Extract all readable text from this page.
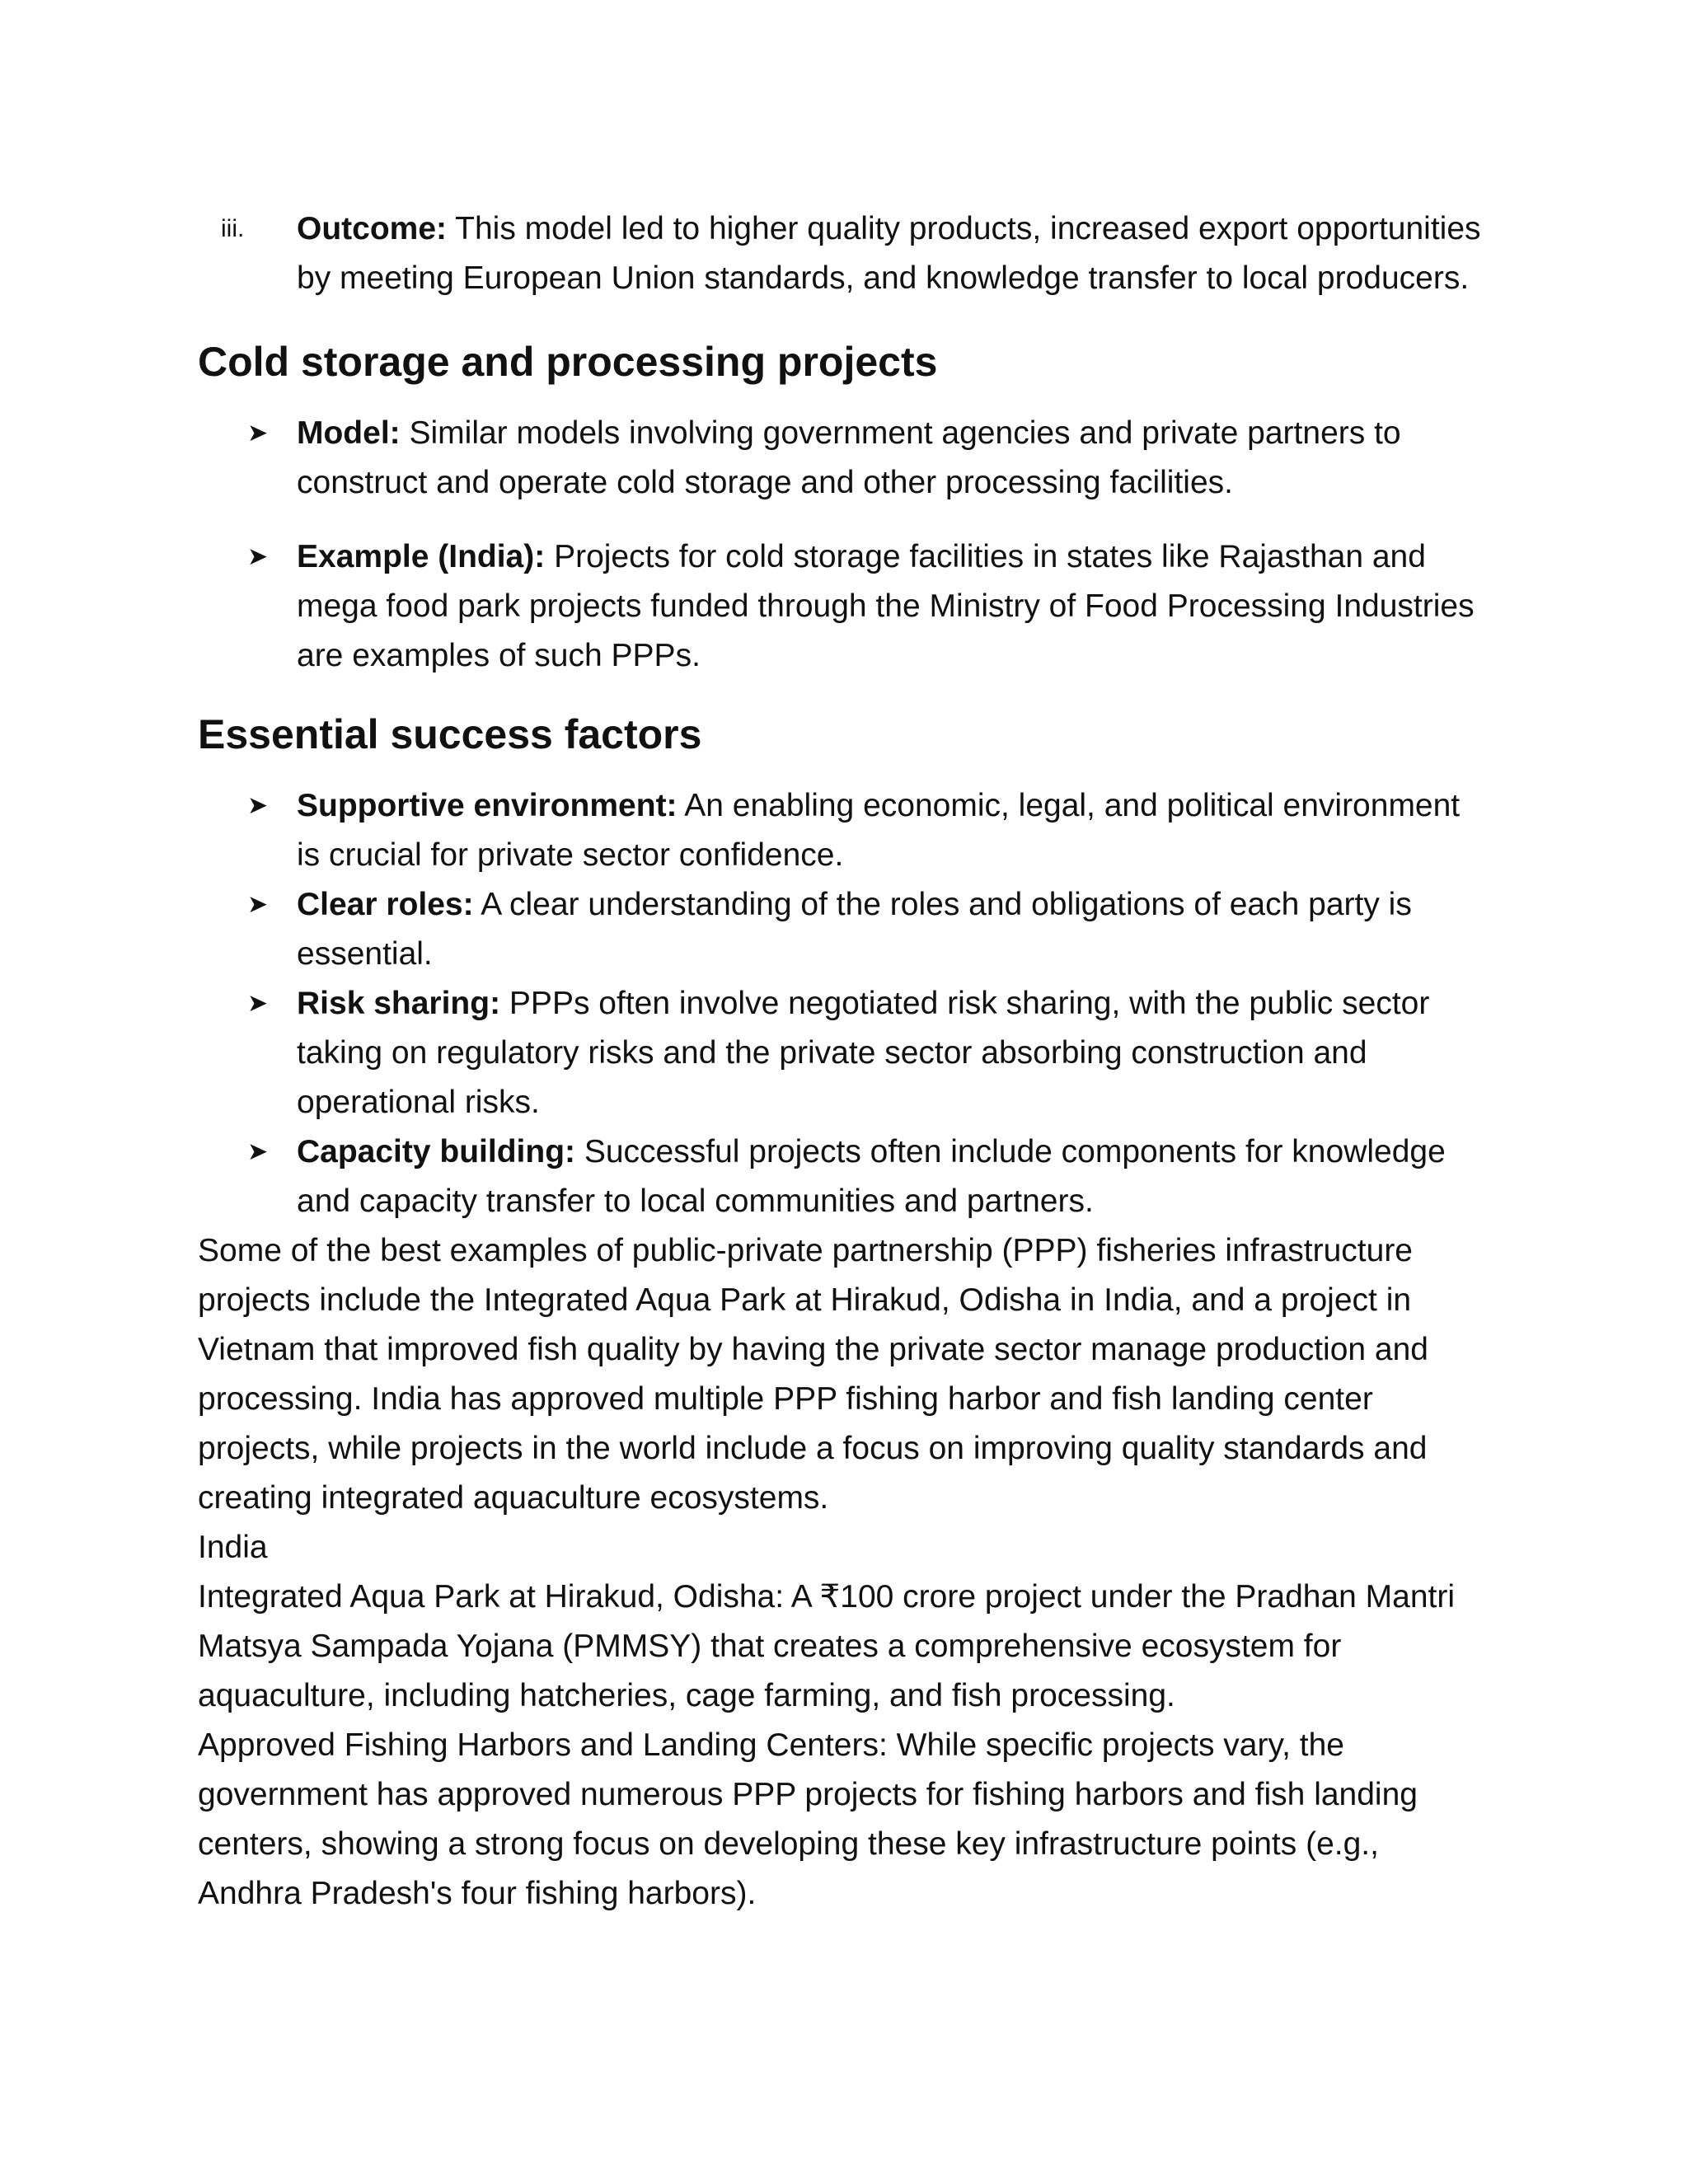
iii.	Outcome: This model led to higher quality products, increased export opportunities by meeting European Union standards, and knowledge transfer to local producers.
Cold storage and processing projects
➤ Model: Similar models involving government agencies and private partners to construct and operate cold storage and other processing facilities.
➤ Example (India): Projects for cold storage facilities in states like Rajasthan and mega food park projects funded through the Ministry of Food Processing Industries are examples of such PPPs.
Essential success factors
➤ Supportive environment: An enabling economic, legal, and political environment is crucial for private sector confidence.
➤ Clear roles: A clear understanding of the roles and obligations of each party is essential.
➤ Risk sharing: PPPs often involve negotiated risk sharing, with the public sector taking on regulatory risks and the private sector absorbing construction and operational risks.
➤ Capacity building: Successful projects often include components for knowledge and capacity transfer to local communities and partners.

Some of the best examples of public-private partnership (PPP) fisheries infrastructure projects include the Integrated Aqua Park at Hirakud, Odisha in India, and a project in Vietnam that improved fish quality by having the private sector manage production and processing. India has approved multiple PPP fishing harbor and fish landing center projects, while projects in the world include a focus on improving quality standards and creating integrated aquaculture ecosystems.

India

Integrated Aqua Park at Hirakud, Odisha: A ₹100 crore project under the Pradhan Mantri Matsya Sampada Yojana (PMMSY) that creates a comprehensive ecosystem for aquaculture, including hatcheries, cage farming, and fish processing.

Approved Fishing Harbors and Landing Centers: While specific projects vary, the government has approved numerous PPP projects for fishing harbors and fish landing centers, showing a strong focus on developing these key infrastructure points (e.g., Andhra Pradesh's four fishing harbors).
